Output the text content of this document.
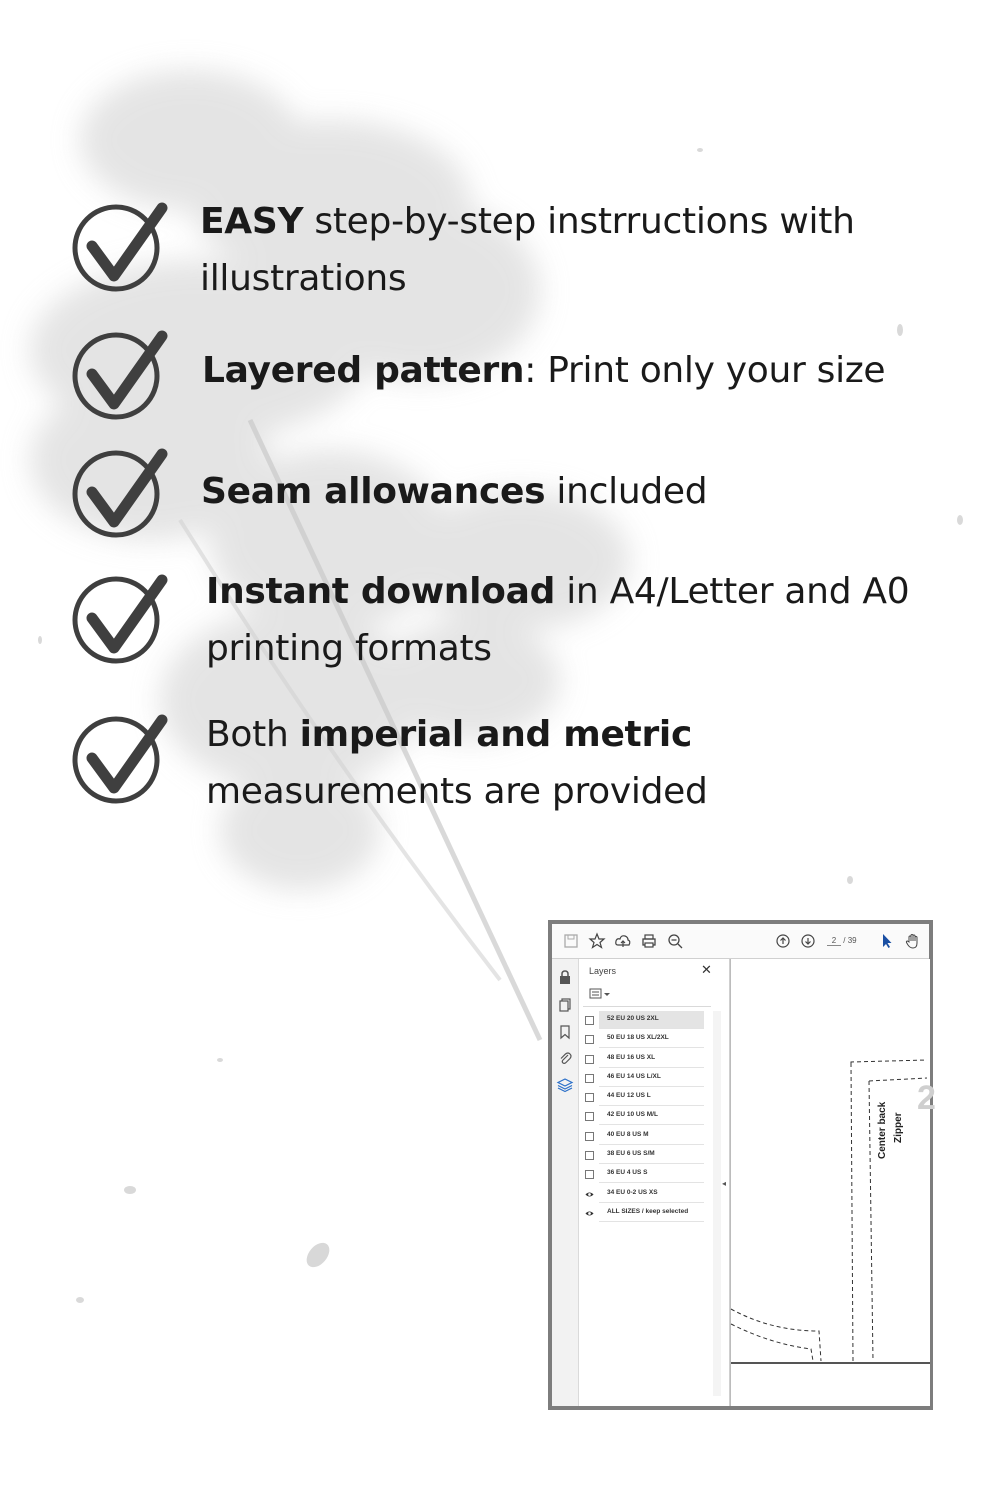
EASY step-by-step instrructions with illustrations

Layered pattern: Print only your size

Seam allowances included

Instant download in A4/Letter and A0 printing formats

Both imperial and metric measurements are provided

2 / 39
Layers	✕
52 EU 20 US 2XL
50 EU 18 US XL/2XL
48 EU 16 US XL
46 EU 14 US L/XL
44 EU 12 US L
42 EU 10 US M/L
40 EU 8 US M
38 EU 6 US S/M
36 EU 4 US S
34 EU 0-2 US XS
ALL SIZES / keep selected
◂
2
Center back Zipper
